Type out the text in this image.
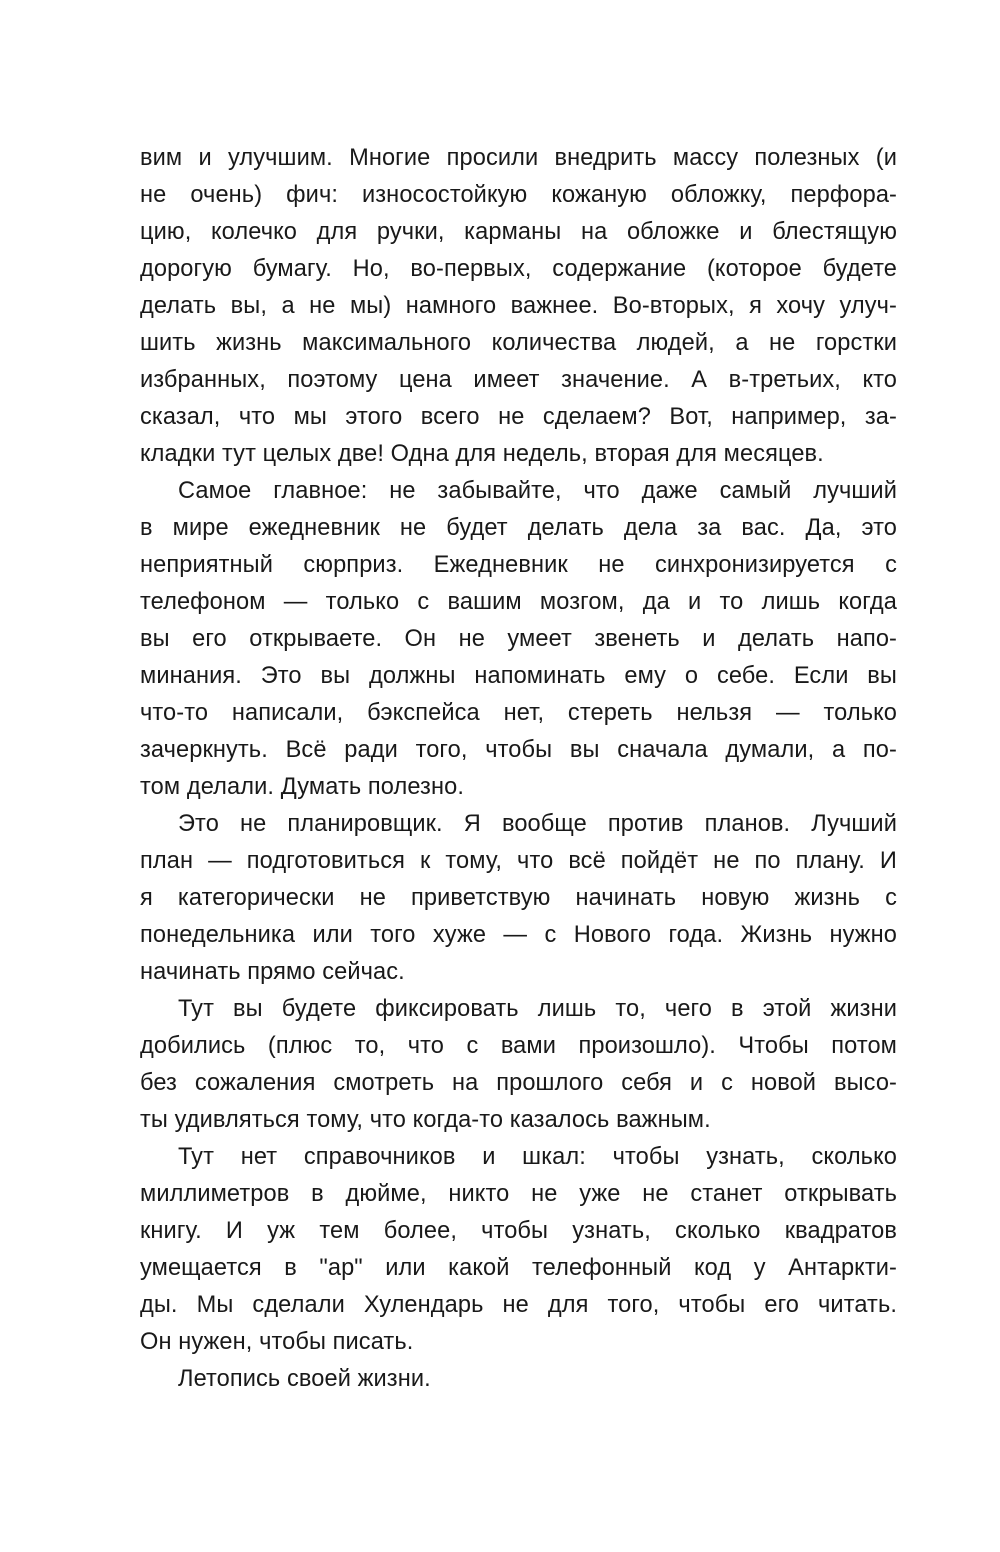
вим и улучшим. Многие просили внедрить массу полезных (и
не очень) фич: износостойкую кожаную обложку, перфора-
цию, колечко для ручки, карманы на обложке и блестящую
дорогую бумагу. Но, во-первых, содержание (которое будете
делать вы, а не мы) намного важнее. Во-вторых, я хочу улуч-
шить жизнь максимального количества людей, а не горстки
избранных, поэтому цена имеет значение. А в-третьих, кто
сказал, что мы этого всего не сделаем? Вот, например, за-
кладки тут целых две! Одна для недель, вторая для месяцев.
Самое главное: не забывайте, что даже самый лучший
в мире ежедневник не будет делать дела за вас. Да, это
неприятный сюрприз. Ежедневник не синхронизируется с
телефоном — только с вашим мозгом, да и то лишь когда
вы его открываете. Он не умеет звенеть и делать напо-
минания. Это вы должны напоминать ему о себе. Если вы
что-то написали, бэкспейса нет, стереть нельзя — только
зачеркнуть. Всё ради того, чтобы вы сначала думали, а по-
том делали. Думать полезно.
Это не планировщик. Я вообще против планов. Лучший
план — подготовиться к тому, что всё пойдёт не по плану. И
я категорически не приветствую начинать новую жизнь с
понедельника или того хуже — с Нового года. Жизнь нужно
начинать прямо сейчас.
Тут вы будете фиксировать лишь то, чего в этой жизни
добились (плюс то, что с вами произошло). Чтобы потом
без сожаления смотреть на прошлого себя и с новой высо-
ты удивляться тому, что когда-то казалось важным.
Тут нет справочников и шкал: чтобы узнать, сколько
миллиметров в дюйме, никто не уже не станет открывать
книгу. И уж тем более, чтобы узнать, сколько квадратов
умещается в "ар" или какой телефонный код у Антаркти-
ды. Мы сделали Хулендарь не для того, чтобы его читать.
Он нужен, чтобы писать.
Летопись своей жизни.
